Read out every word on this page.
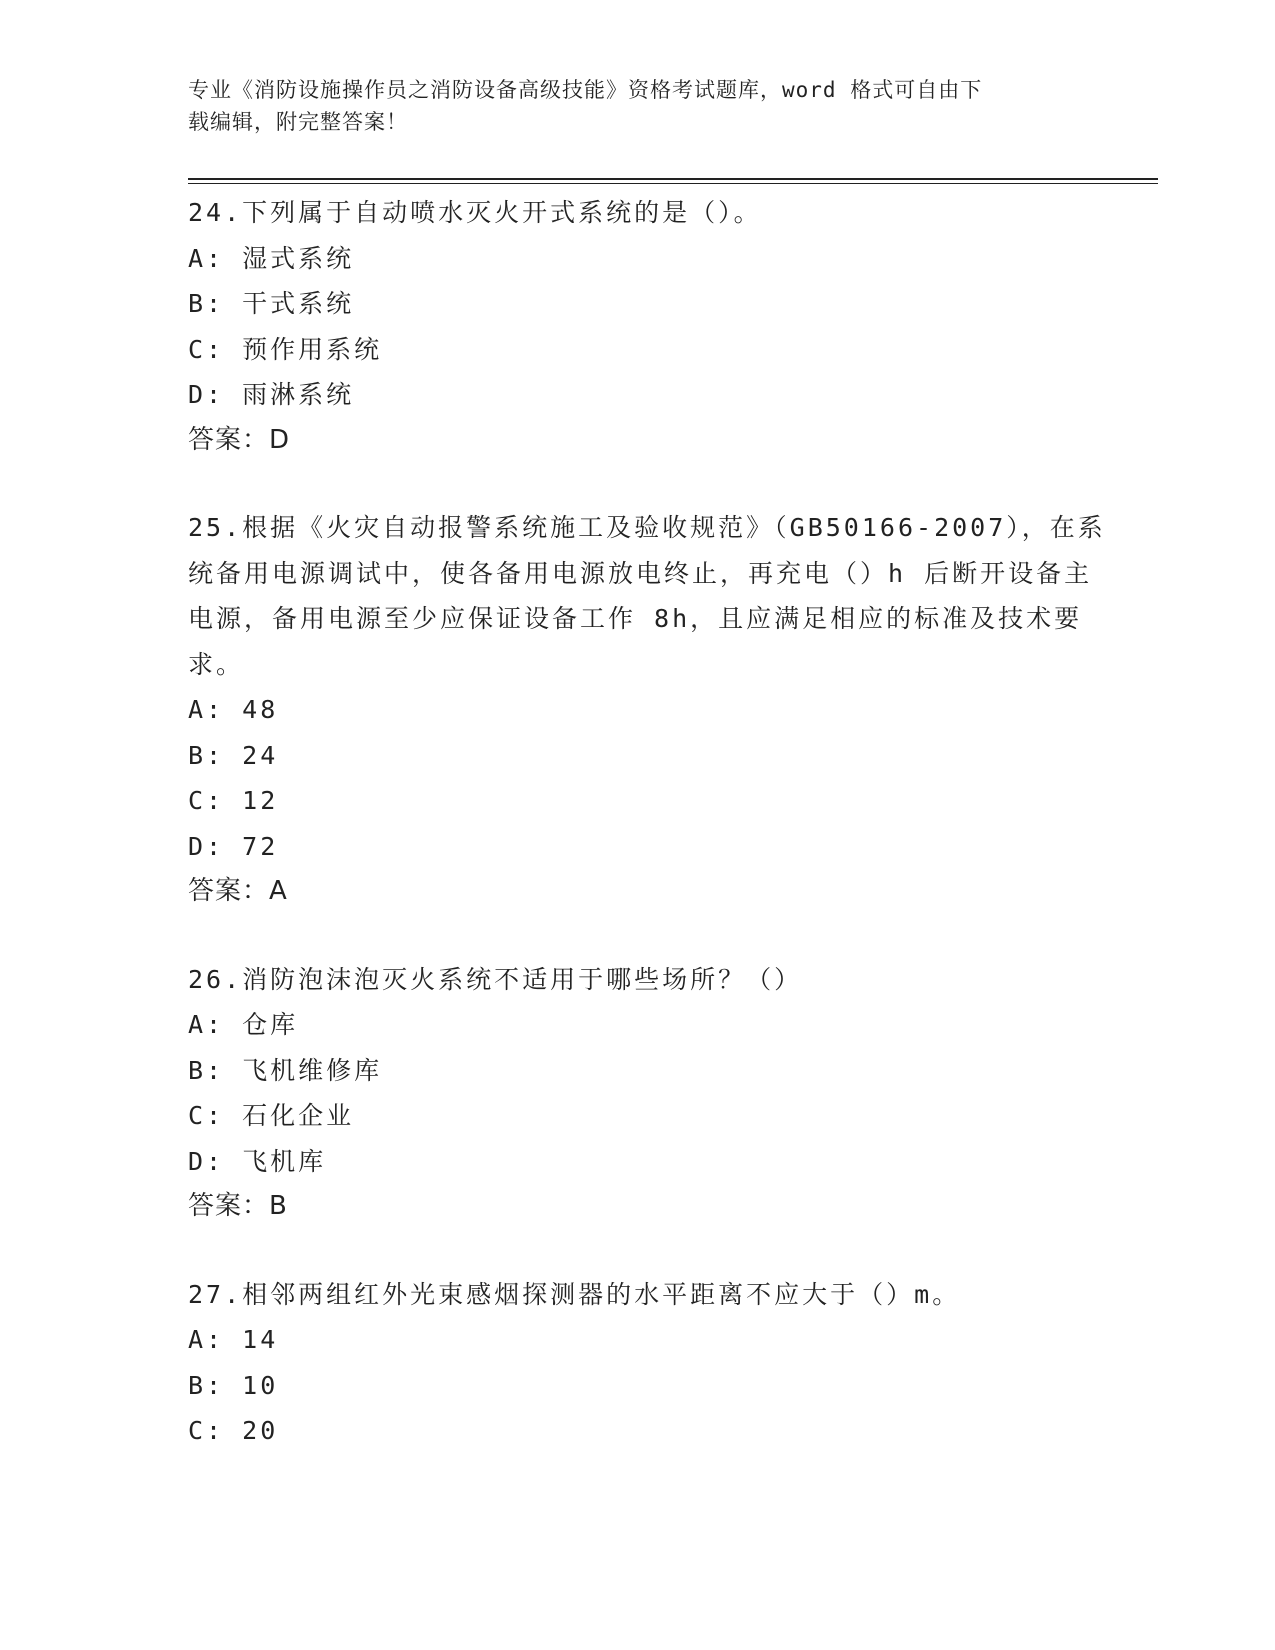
专业《消防设施操作员之消防设备高级技能》资格考试题库，word 格式可自由下
载编辑，附完整答案！

24.下列属于自动喷水灭火开式系统的是（）。

A: 湿式系统

B: 干式系统

C: 预作用系统

D: 雨淋系统

答案：D

25.根据《火灾自动报警系统施工及验收规范》（GB50166-2007），在系统备用电源调试中，使各备用电源放电终止，再充电（）h 后断开设备主电源，备用电源至少应保证设备工作 8h，且应满足相应的标准及技术要求。

A: 48

B: 24

C: 12

D: 72

答案：A

26.消防泡沫泡灭火系统不适用于哪些场所？（）

A: 仓库

B: 飞机维修库

C: 石化企业

D: 飞机库

答案：B

27.相邻两组红外光束感烟探测器的水平距离不应大于（）m。

A: 14

B: 10

C: 20
